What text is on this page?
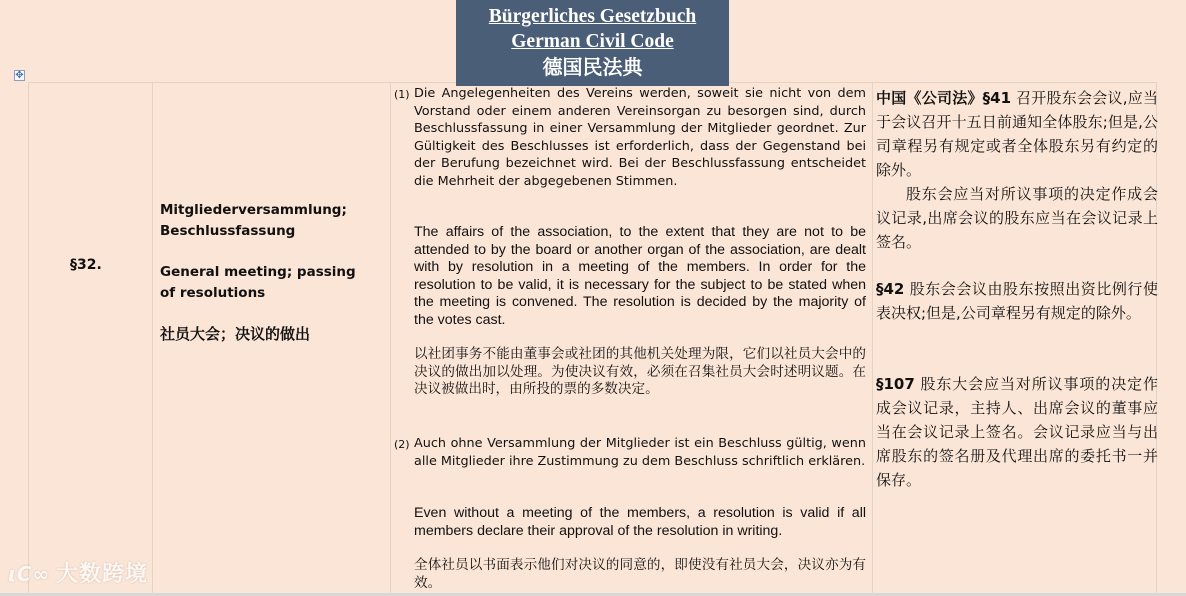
✥
Bürgerliches Gesetzbuch
German Civil Code
德国民法典
§32.

Mitgliederversammlung; Beschlussfassung

General meeting; passing of resolutions

社员大会；决议的做出

(1) Die Angelegenheiten des Vereins werden, soweit sie nicht von dem Vorstand oder einem anderen Vereinsorgan zu besorgen sind, durch Beschlussfassung in einer Versammlung der Mitglieder geordnet. Zur Gültigkeit des Beschlusses ist erforderlich, dass der Gegenstand bei der Berufung bezeichnet wird. Bei der Beschlussfassung entscheidet die Mehrheit der abgegebenen Stimmen.
The affairs of the association, to the extent that they are not to be attended to by the board or another organ of the association, are dealt with by resolution in a meeting of the members. In order for the resolution to be valid, it is necessary for the subject to be stated when the meeting is convened. The resolution is decided by the majority of the votes cast.
以社团事务不能由董事会或社团的其他机关处理为限，它们以社员大会中的决议的做出加以处理。为使决议有效，必须在召集社员大会时述明议题。在决议被做出时，由所投的票的多数决定。
(2) Auch ohne Versammlung der Mitglieder ist ein Beschluss gültig, wenn alle Mitglieder ihre Zustimmung zu dem Beschluss schriftlich erklären.
Even without a meeting of the members, a resolution is valid if all members declare their approval of the resolution in writing.
全体社员以书面表示他们对决议的同意的，即使没有社员大会，决议亦为有效。
中国《公司法》§41 召开股东会会议,应当于会议召开十五日前通知全体股东;但是,公司章程另有规定或者全体股东另有约定的除外。
股东会应当对所议事项的决定作成会议记录,出席会议的股东应当在会议记录上签名。
§42 股东会会议由股东按照出资比例行使表决权;但是,公司章程另有规定的除外。
§107 股东大会应当对所议事项的决定作成会议记录，主持人、出席会议的董事应当在会议记录上签名。会议记录应当与出席股东的签名册及代理出席的委托书一并保存。
ιC∞ 大数跨境
